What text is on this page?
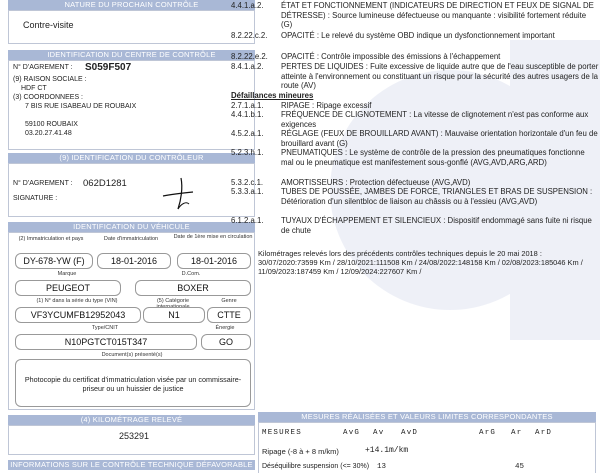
NATURE DU PROCHAIN CONTRÔLE
Contre-visite
IDENTIFICATION DU CENTRE DE CONTRÔLE
N° D'AGREMENT : S059F507
(9) RAISON SOCIALE :
HDF CT
(3) COORDONNEES :
7 BIS RUE ISABEAU DE ROUBAIX
59100 ROUBAIX
03.20.27.41.48
(9) IDENTIFICATION DU CONTRÔLEUR
N° D'AGREMENT : 062D1281
SIGNATURE :
IDENTIFICATION DU VÉHICULE
(2) Immatriculation et pays	Date d'immatriculation	Date de 1ère mise en circulation
DY-678-YW (F)	18-01-2016	18-01-2016
Marque	D.Com.
PEUGEOT	BOXER
(1) N° dans la série du type (VIN)	(5) Catégorie	Genre
VF3YCUMFB12952043	N1	CTTE
Type/CNIT	Énergie
N10PGTCT015T347	GO
Document(s) présenté(s)
Photocopie du certificat d'immatriculation visée par un commissaire-priseur ou un huissier de justice
(4) KILOMÉTRAGE RELEVÉ
253291
INFORMATIONS SUR LE CONTRÔLE TECHNIQUE DÉFAVORABLE
4.4.1.a.2. ÉTAT ET FONCTIONNEMENT (INDICATEURS DE DIRECTION ET FEUX DE SIGNAL DE DÉTRESSE) : Source lumineuse défectueuse ou manquante : visibilité fortement réduite (G)
8.2.22.c.2. OPACITÉ : Le relevé du système OBD indique un dysfonctionnement important
8.2.22.e.2. OPACITÉ : Contrôle impossible des émissions à l'échappement
8.4.1.a.2. PERTES DE LIQUIDES : Fuite excessive de liquide autre que de l'eau susceptible de porter atteinte à l'environnement ou constituant un risque pour la sécurité des autres usagers de la route (AV)
Défaillances mineures
2.7.1.a.1. RIPAGE : Ripage excessif
4.4.1.b.1. FRÉQUENCE DE CLIGNOTEMENT : La vitesse de clignotement n'est pas conforme aux exigences
4.5.2.a.1. RÉGLAGE (FEUX DE BROUILLARD AVANT) : Mauvaise orientation horizontale d'un feu de brouillard avant (G)
5.2.3.h.1. PNEUMATIQUES : Le système de contrôle de la pression des pneumatiques fonctionne mal ou le pneumatique est manifestement sous-gonflé (AVG,AVD,ARG,ARD)
5.3.2.c.1. AMORTISSEURS : Protection défectueuse (AVG,AVD)
5.3.3.a.1. TUBES DE POUSSÉE, JAMBES DE FORCE, TRIANGLES ET BRAS DE SUSPENSION : Détérioration d'un silentbloc de liaison au châssis ou à l'essieu (AVG,AVD)
6.1.2.a.1. TUYAUX D'ÉCHAPPEMENT ET SILENCIEUX : Dispositif endommagé sans fuite ni risque de chute
Kilométrages relevés lors des précédents contrôles techniques depuis le 20 mai 2018 : 30/07/2020:73599 Km / 28/10/2021:111508 Km / 24/08/2022:148158 Km / 02/08/2023:185046 Km / 11/09/2023:187459 Km / 12/09/2024:227607 Km /
MESURES RÉALISÉES ET VALEURS LIMITES CORRESPONDANTES
MESURES	AvG Av AvD	ArG Ar ArD
Ripage (-8 à + 8 m/km)	+14.1m/km
Déséquilibre suspension (<= 30%) 13	45
